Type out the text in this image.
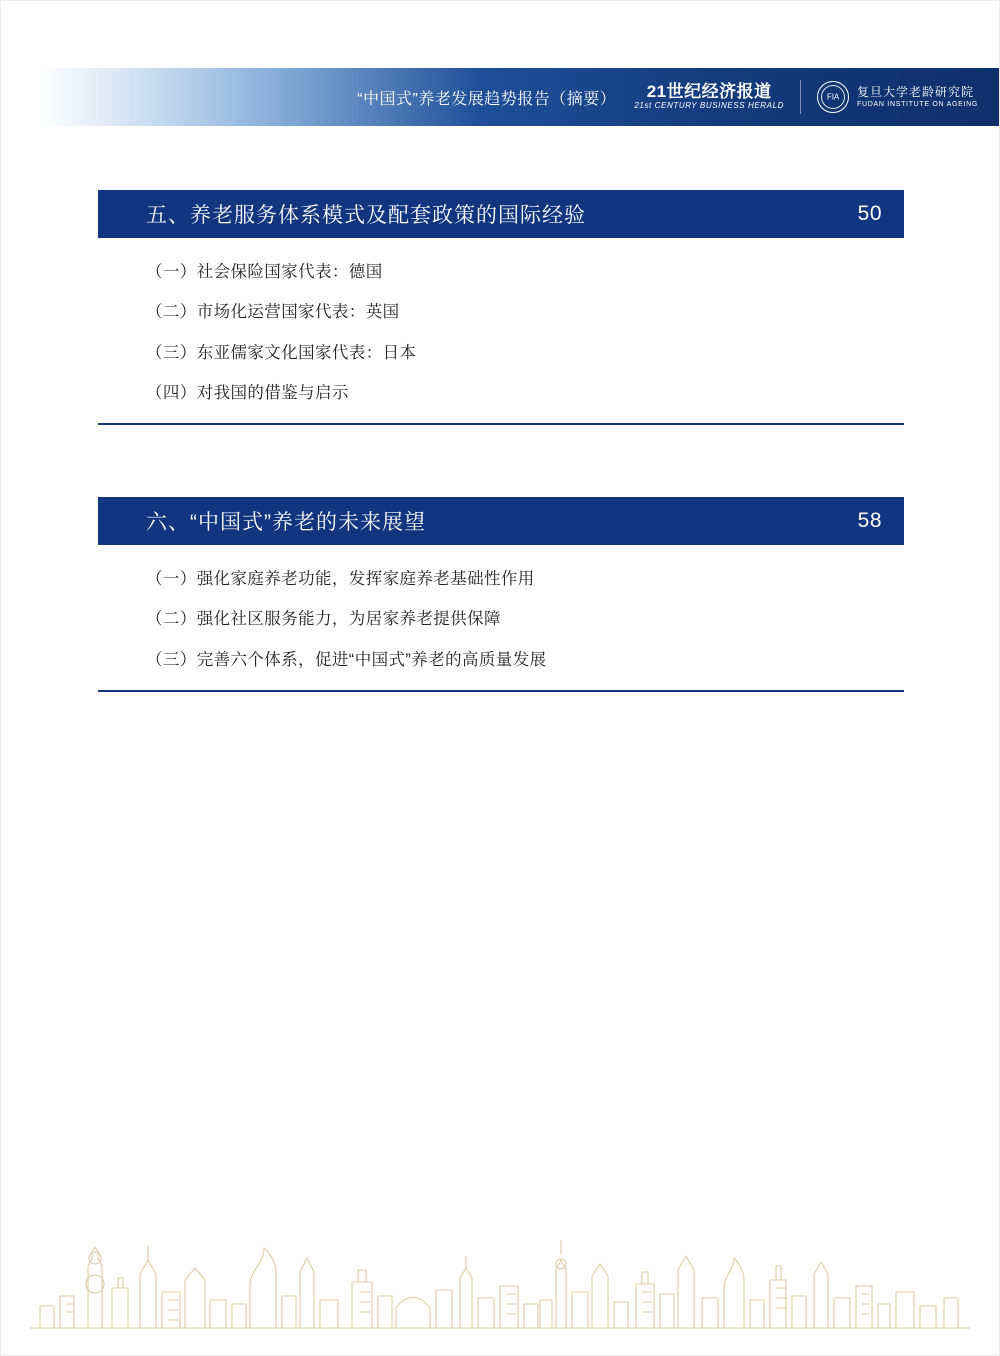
“中国式”养老发展趋势报告（摘要） 21世纪经济报道
21st CENTURY BUSINESS HERALD
FIA	复旦大学老龄研究院
FUDAN INSTITUTE ON AGEING
五、养老服务体系模式及配套政策的国际经验	50
（一）社会保险国家代表：德国
（二）市场化运营国家代表：英国
（三）东亚儒家文化国家代表：日本
（四）对我国的借鉴与启示
六、“中国式”养老的未来展望	58
（一）强化家庭养老功能，发挥家庭养老基础性作用
（二）强化社区服务能力，为居家养老提供保障
（三）完善六个体系，促进“中国式”养老的高质量发展
